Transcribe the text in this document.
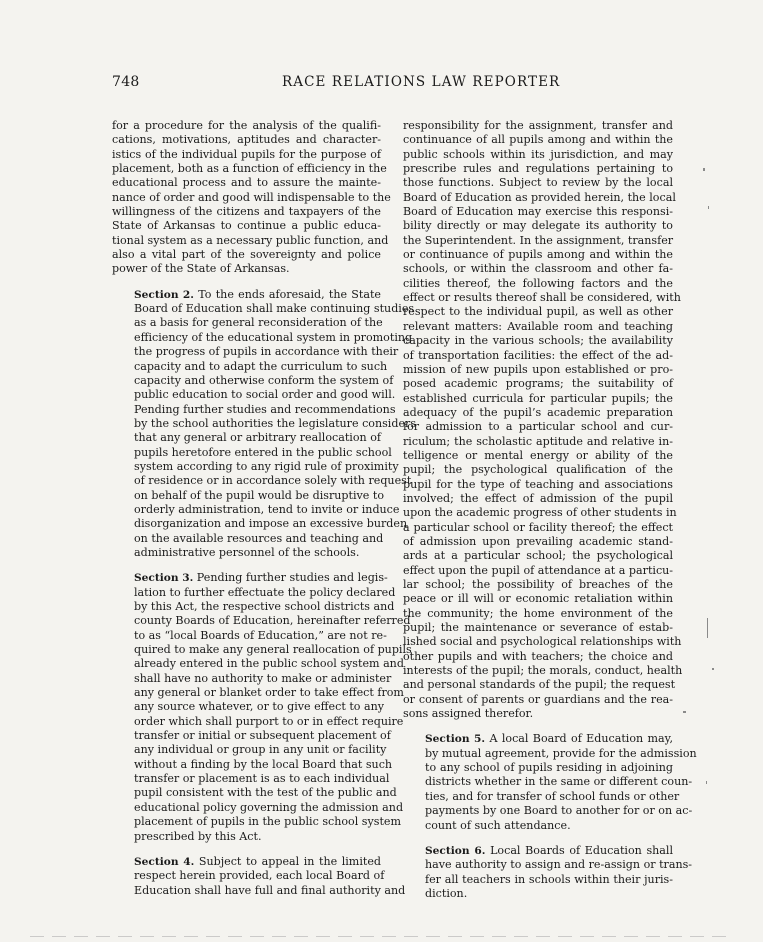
748	RACE RELATIONS LAW REPORTER
for a procedure for the analysis of the qualifi-
cations, motivations, aptitudes and character-
istics of the individual pupils for the purpose of
placement, both as a function of efficiency in the
educational process and to assure the mainte-
nance of order and good will indispensable to the
willingness of the citizens and taxpayers of the
State of Arkansas to continue a public educa-
tional system as a necessary public function, and
also a vital part of the sovereignty and police
power of the State of Arkansas.
Section 2. To the ends aforesaid, the State
Board of Education shall make continuing studies
as a basis for general reconsideration of the
efficiency of the educational system in promoting
the progress of pupils in accordance with their
capacity and to adapt the curriculum to such
capacity and otherwise conform the system of
public education to social order and good will.
Pending further studies and recommendations
by the school authorities the legislature considers
that any general or arbitrary reallocation of
pupils heretofore entered in the public school
system according to any rigid rule of proximity
of residence or in accordance solely with request
on behalf of the pupil would be disruptive to
orderly administration, tend to invite or induce
disorganization and impose an excessive burden
on the available resources and teaching and
administrative personnel of the schools.
Section 3. Pending further studies and legis-
lation to further effectuate the policy declared
by this Act, the respective school districts and
county Boards of Education, hereinafter referred
to as “local Boards of Education,” are not re-
quired to make any general reallocation of pupils
already entered in the public school system and
shall have no authority to make or administer
any general or blanket order to take effect from
any source whatever, or to give effect to any
order which shall purport to or in effect require
transfer or initial or subsequent placement of
any individual or group in any unit or facility
without a finding by the local Board that such
transfer or placement is as to each individual
pupil consistent with the test of the public and
educational policy governing the admission and
placement of pupils in the public school system
prescribed by this Act.
Section 4. Subject to appeal in the limited
respect herein provided, each local Board of
Education shall have full and final authority and
responsibility for the assignment, transfer and
continuance of all pupils among and within the
public schools within its jurisdiction, and may
prescribe rules and regulations pertaining to
those functions. Subject to review by the local
Board of Education as provided herein, the local
Board of Education may exercise this responsi-
bility directly or may delegate its authority to
the Superintendent. In the assignment, transfer
or continuance of pupils among and within the
schools, or within the classroom and other fa-
cilities thereof, the following factors and the
effect or results thereof shall be considered, with
respect to the individual pupil, as well as other
relevant matters: Available room and teaching
capacity in the various schools; the availability
of transportation facilities: the effect of the ad-
mission of new pupils upon established or pro-
posed academic programs; the suitability of
established curricula for particular pupils; the
adequacy of the pupil’s academic preparation
for admission to a particular school and cur-
riculum; the scholastic aptitude and relative in-
telligence or mental energy or ability of the
pupil; the psychological qualification of the
pupil for the type of teaching and associations
involved; the effect of admission of the pupil
upon the academic progress of other students in
a particular school or facility thereof; the effect
of admission upon prevailing academic stand-
ards at a particular school; the psychological
effect upon the pupil of attendance at a particu-
lar school; the possibility of breaches of the
peace or ill will or economic retaliation within
the community; the home environment of the
pupil; the maintenance or severance of estab-
lished social and psychological relationships with
other pupils and with teachers; the choice and
interests of the pupil; the morals, conduct, health
and personal standards of the pupil; the request
or consent of parents or guardians and the rea-
sons assigned therefor.
Section 5. A local Board of Education may,
by mutual agreement, provide for the admission
to any school of pupils residing in adjoining
districts whether in the same or different coun-
ties, and for transfer of school funds or other
payments by one Board to another for or on ac-
count of such attendance.
Section 6. Local Boards of Education shall
have authority to assign and re-assign or trans-
fer all teachers in schools within their juris-
diction.
